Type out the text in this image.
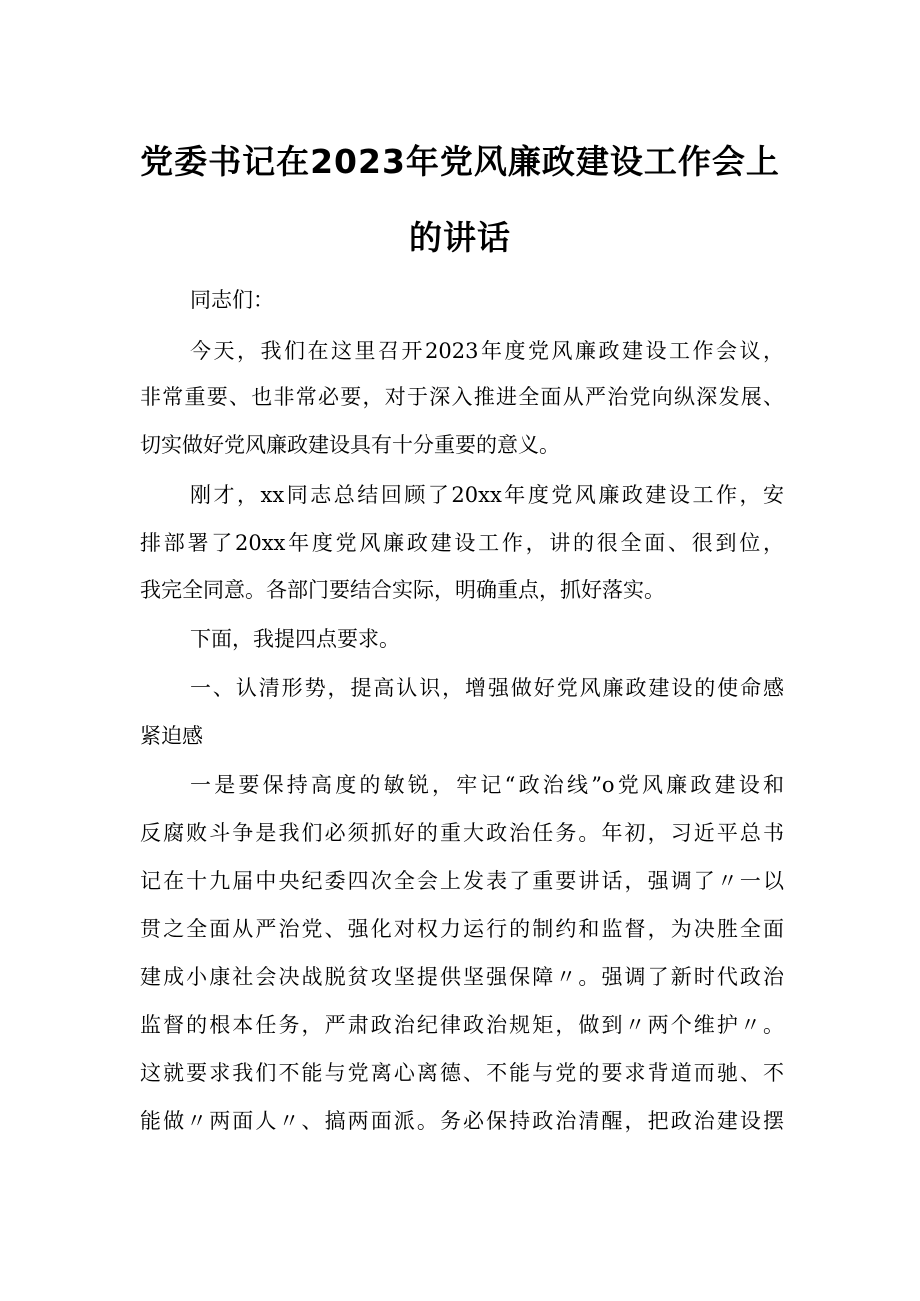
党委书记在2023年党风廉政建设工作会上
的讲话

同志们：

今天，我们在这里召开2023年度党风廉政建设工作会议，

非常重要、也非常必要，对于深入推进全面从严治党向纵深发展、

切实做好党风廉政建设具有十分重要的意义。

刚才，xx同志总结回顾了20xx年度党风廉政建设工作，安

排部署了20xx年度党风廉政建设工作，讲的很全面、很到位，

我完全同意。各部门要结合实际，明确重点，抓好落实。

下面，我提四点要求。

一、认清形势，提高认识，增强做好党风廉政建设的使命感

紧迫感

一是要保持高度的敏锐，牢记“政治线”o党风廉政建设和

反腐败斗争是我们必须抓好的重大政治任务。年初，习近平总书

记在十九届中央纪委四次全会上发表了重要讲话，强调了〃一以

贯之全面从严治党、强化对权力运行的制约和监督，为决胜全面

建成小康社会决战脱贫攻坚提供坚强保障〃。强调了新时代政治

监督的根本任务，严肃政治纪律政治规矩，做到〃两个维护〃。

这就要求我们不能与党离心离德、不能与党的要求背道而驰、不

能做〃两面人〃、搞两面派。务必保持政治清醒，把政治建设摆
